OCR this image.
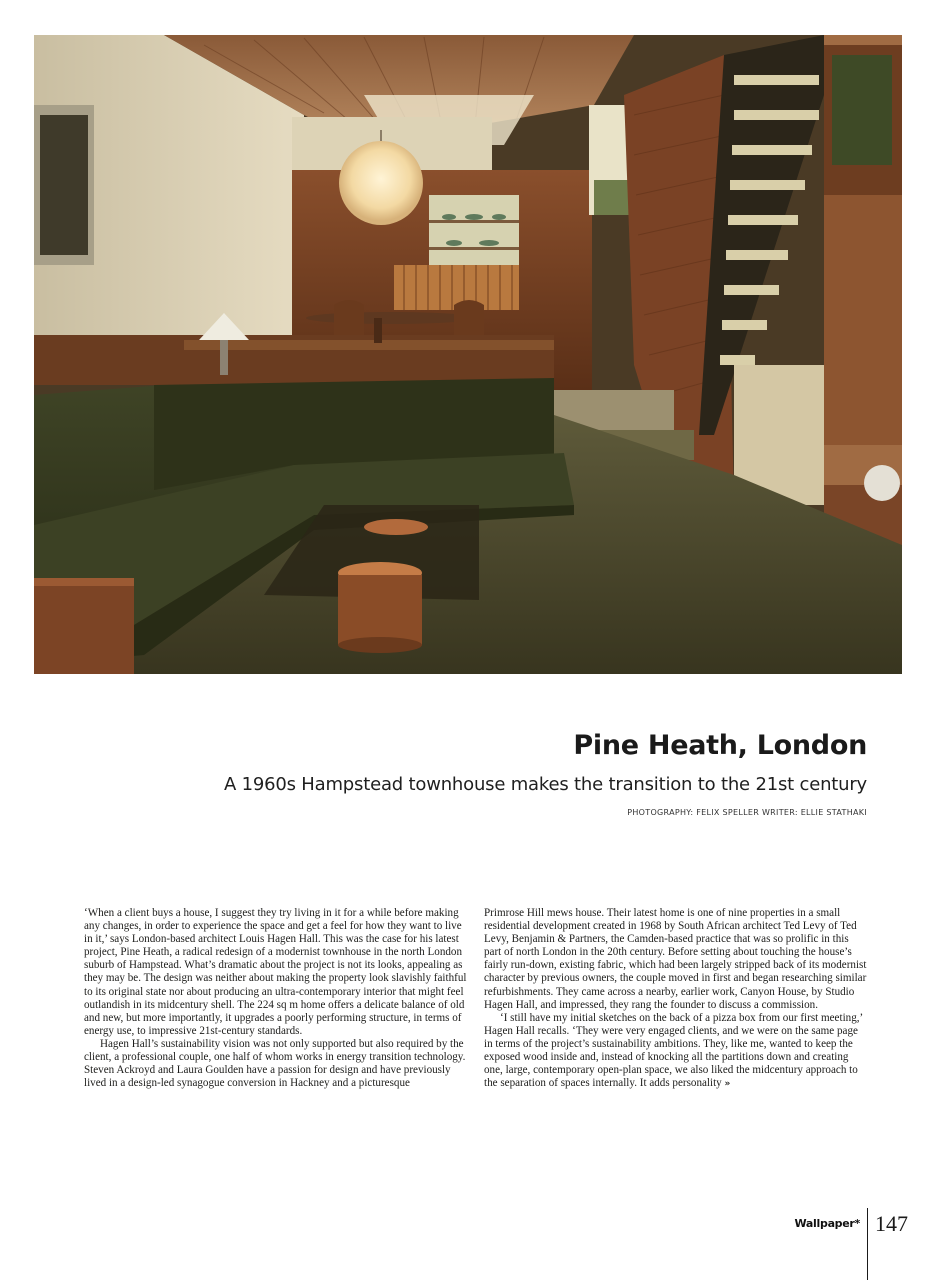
Pine Heath, London
A 1960s Hampstead townhouse makes the transition to the 21st century
PHOTOGRAPHY: FELIX SPELLER WRITER: ELLIE STATHAKI

‘When a client buys a house, I suggest they try living in it for a while before making any changes, in order to experience the space and get a feel for how they want to live in it,’ says London-based architect Louis Hagen Hall. This was the case for his latest project, Pine Heath, a radical redesign of a modernist townhouse in the north London suburb of Hampstead. What’s dramatic about the project is not its looks, appealing as they may be. The design was neither about making the property look slavishly faithful to its original state nor about producing an ultra-contemporary interior that might feel outlandish in its midcentury shell. The 224 sq m home offers a delicate balance of old and new, but more importantly, it upgrades a poorly performing structure, in terms of energy use, to impressive 21st-century standards.

Hagen Hall’s sustainability vision was not only supported but also required by the client, a professional couple, one half of whom works in energy transition technology. Steven Ackroyd and Laura Goulden have a passion for design and have previously lived in a design-led synagogue conversion in Hackney and a picturesque

Primrose Hill mews house. Their latest home is one of nine properties in a small residential development created in 1968 by South African architect Ted Levy of Ted Levy, Benjamin & Partners, the Camden-based practice that was so prolific in this part of north London in the 20th century. Before setting about touching the house’s fairly run-down, existing fabric, which had been largely stripped back of its modernist character by previous owners, the couple moved in first and began researching similar refurbishments. They came across a nearby, earlier work, Canyon House, by Studio Hagen Hall, and impressed, they rang the founder to discuss a commission.

‘I still have my initial sketches on the back of a pizza box from our first meeting,’ Hagen Hall recalls. ‘They were very engaged clients, and we were on the same page in terms of the project’s sustainability ambitions. They, like me, wanted to keep the exposed wood inside and, instead of knocking all the partitions down and creating one, large, contemporary open-plan space, we also liked the midcentury approach to the separation of spaces internally. It adds personality »

Wallpaper* 147
